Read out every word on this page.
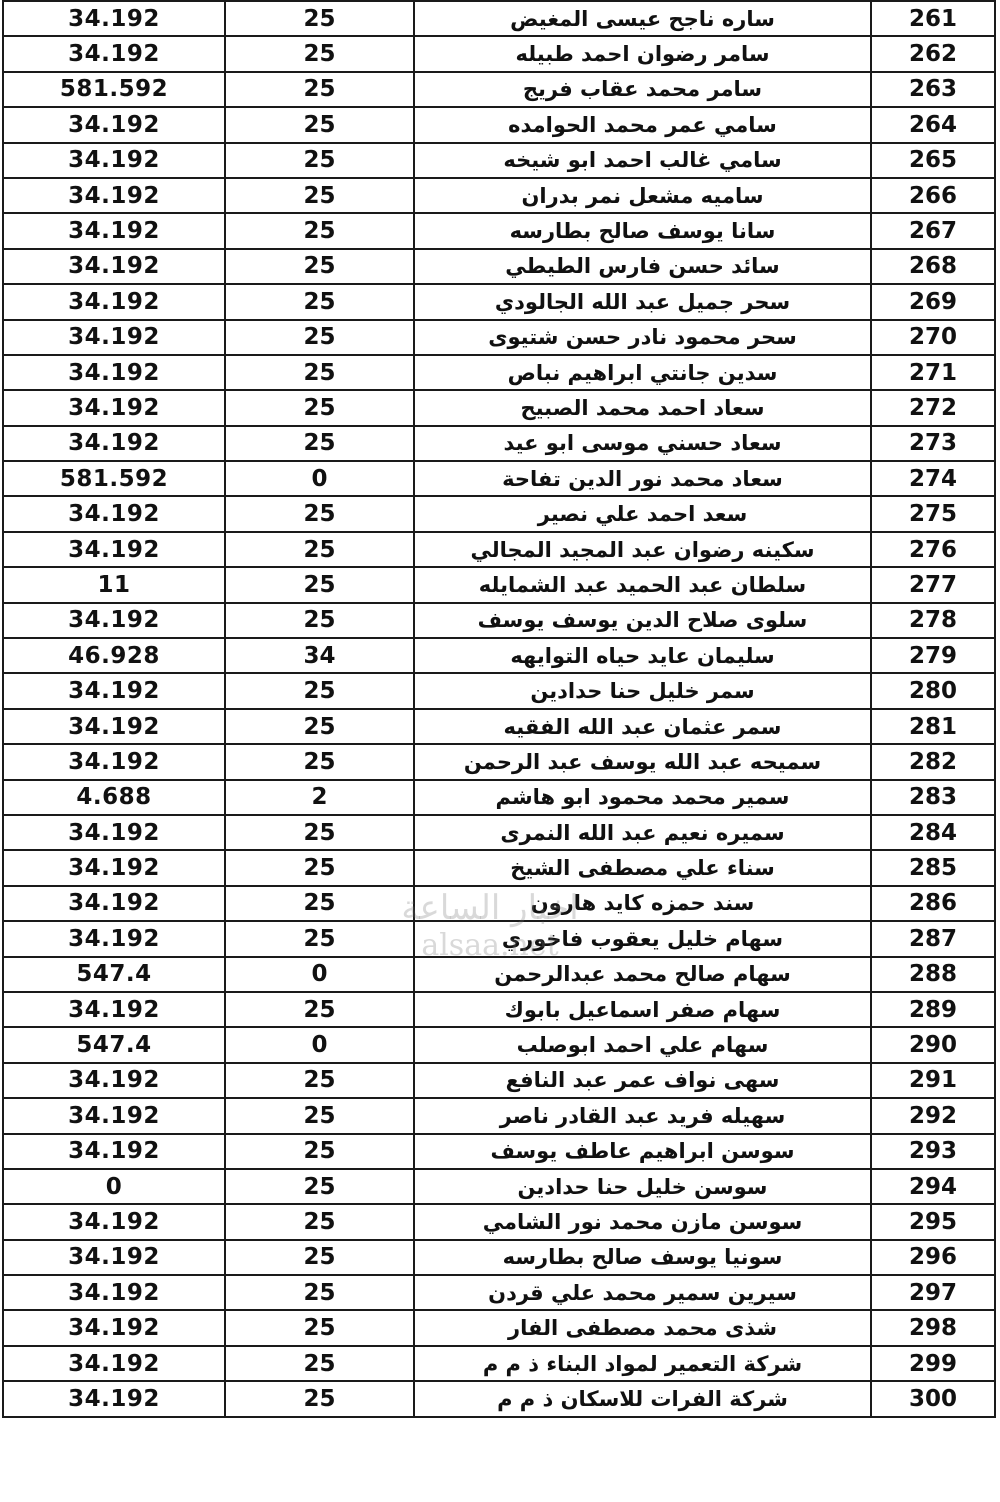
34.192	25	ساره ناجح عيسى المغيض	261
34.192	25	سامر رضوان احمد طبيله	262
581.592	25	سامر محمد عقاب فريج	263
34.192	25	سامي عمر محمد الحوامده	264
34.192	25	سامي غالب احمد ابو شيخه	265
34.192	25	ساميه مشعل نمر بدران	266
34.192	25	سانا يوسف صالح بطارسه	267
34.192	25	سائد حسن فارس الطيطي	268
34.192	25	سحر جميل عبد الله الجالودي	269
34.192	25	سحر محمود نادر حسن شتيوى	270
34.192	25	سدين جانتي ابراهيم نباص	271
34.192	25	سعاد احمد محمد الصبيح	272
34.192	25	سعاد حسني موسى ابو عيد	273
581.592	0	سعاد محمد نور الدين تفاحة	274
34.192	25	سعد احمد علي نصير	275
34.192	25	سكينه رضوان عبد المجيد المجالي	276
11	25	سلطان عبد الحميد عبد الشمايله	277
34.192	25	سلوى صلاح الدين يوسف يوسف	278
46.928	34	سليمان عايد حياه التوايهه	279
34.192	25	سمر خليل حنا حدادين	280
34.192	25	سمر عثمان عبد الله الفقيه	281
34.192	25	سميحه عبد الله يوسف عبد الرحمن	282
4.688	2	سمير محمد محمود ابو هاشم	283
34.192	25	سميره نعيم عبد الله النمرى	284
34.192	25	سناء علي مصطفى الشيخ	285
34.192	25	سند حمزه كايد هارون	286
34.192	25	سهام خليل يعقوب فاخوري	287
547.4	0	سهام صالح محمد عبدالرحمن	288
34.192	25	سهام صفر اسماعيل بابوك	289
547.4	0	سهام علي احمد ابوصلب	290
34.192	25	سهى نواف عمر عبد النافع	291
34.192	25	سهيله فريد عبد القادر ناصر	292
34.192	25	سوسن ابراهيم عاطف يوسف	293
0	25	سوسن خليل حنا حدادين	294
34.192	25	سوسن مازن محمد نور الشامي	295
34.192	25	سونيا يوسف صالح بطارسه	296
34.192	25	سيرين سمير محمد علي قردن	297
34.192	25	شذى محمد مصطفى الفار	298
34.192	25	شركة التعمير لمواد البناء ذ م م	299
34.192	25	شركة الفرات للاسكان ذ م م	300
اخبار الساعة
alsaa.net
